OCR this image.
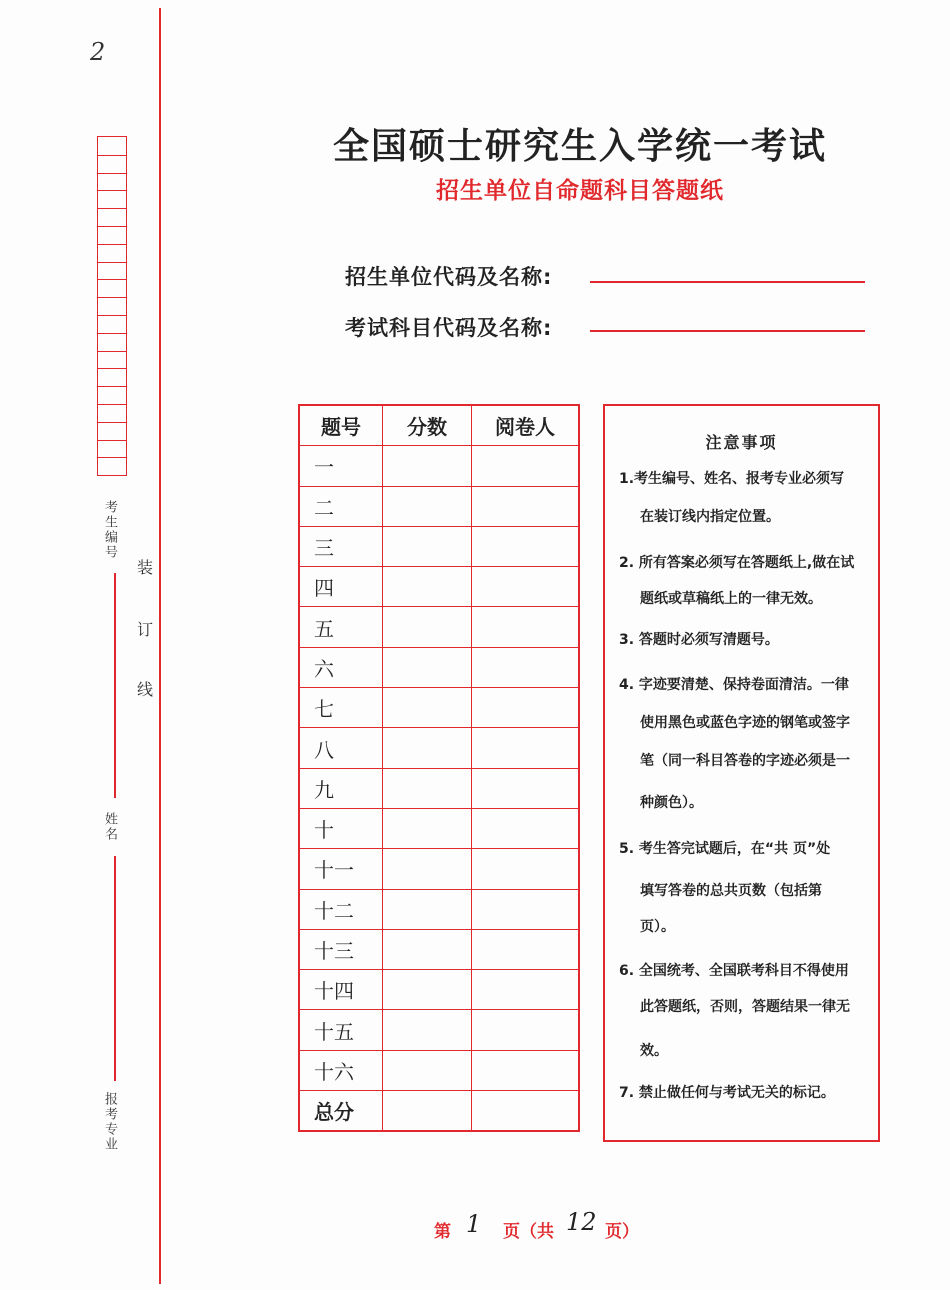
2
考生编号
姓名
报考专业
装
订
线
全国硕士研究生入学统一考试
招生单位自命题科目答题纸
招生单位代码及名称:
考试科目代码及名称:
题号	分数	阅卷人
一		
二		
三		
四		
五		
六		
七		
八		
九		
十		
十一		
十二		
十三		
十四		
十五		
十六		
总分		
注意事项
1.考生编号、姓名、报考专业必须写
在装订线内指定位置。
2. 所有答案必须写在答题纸上,做在试
题纸或草稿纸上的一律无效。
3. 答题时必须写清题号。
4. 字迹要清楚、保持卷面清洁。一律
使用黑色或蓝色字迹的钢笔或签字
笔（同一科目答卷的字迹必须是一
种颜色）。
5. 考生答完试题后，在“共 页”处
填写答卷的总共页数（包括第
页）。
6. 全国统考、全国联考科目不得使用
此答题纸，否则，答题结果一律无
效。
7. 禁止做任何与考试无关的标记。
第 1 页（共 12 页）
